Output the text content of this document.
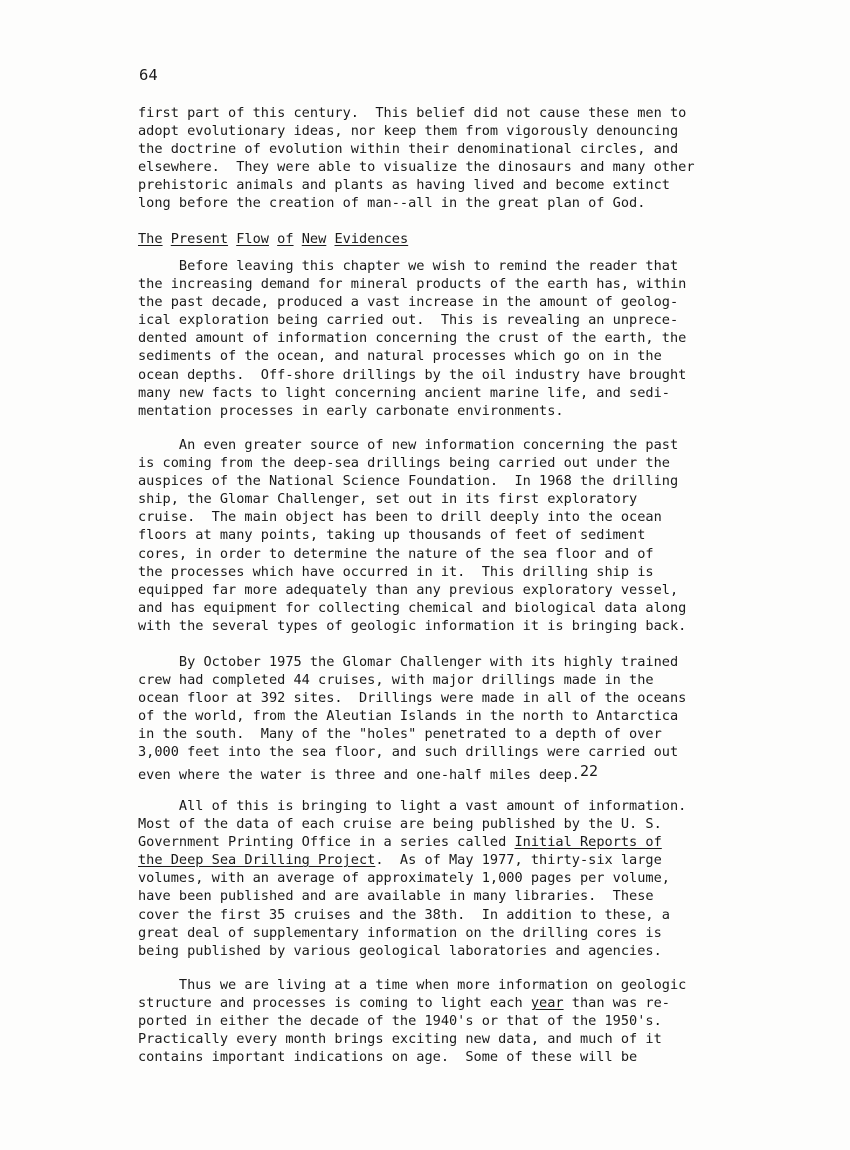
64
first part of this century.  This belief did not cause these men to
adopt evolutionary ideas, nor keep them from vigorously denouncing
the doctrine of evolution within their denominational circles, and
elsewhere.  They were able to visualize the dinosaurs and many other
prehistoric animals and plants as having lived and become extinct
long before the creation of man--all in the great plan of God.
The Present Flow of New Evidences
Before leaving this chapter we wish to remind the reader that
the increasing demand for mineral products of the earth has, within
the past decade, produced a vast increase in the amount of geolog-
ical exploration being carried out.  This is revealing an unprece-
dented amount of information concerning the crust of the earth, the
sediments of the ocean, and natural processes which go on in the
ocean depths.  Off-shore drillings by the oil industry have brought
many new facts to light concerning ancient marine life, and sedi-
mentation processes in early carbonate environments.
An even greater source of new information concerning the past
is coming from the deep-sea drillings being carried out under the
auspices of the National Science Foundation.  In 1968 the drilling
ship, the Glomar Challenger, set out in its first exploratory
cruise.  The main object has been to drill deeply into the ocean
floors at many points, taking up thousands of feet of sediment
cores, in order to determine the nature of the sea floor and of
the processes which have occurred in it.  This drilling ship is
equipped far more adequately than any previous exploratory vessel,
and has equipment for collecting chemical and biological data along
with the several types of geologic information it is bringing back.
By October 1975 the Glomar Challenger with its highly trained
crew had completed 44 cruises, with major drillings made in the
ocean floor at 392 sites.  Drillings were made in all of the oceans
of the world, from the Aleutian Islands in the north to Antarctica
in the south.  Many of the "holes" penetrated to a depth of over
3,000 feet into the sea floor, and such drillings were carried out
even where the water is three and one-half miles deep.22
All of this is bringing to light a vast amount of information.
Most of the data of each cruise are being published by the U. S.
Government Printing Office in a series called Initial Reports of
the Deep Sea Drilling Project.  As of May 1977, thirty-six large
volumes, with an average of approximately 1,000 pages per volume,
have been published and are available in many libraries.  These
cover the first 35 cruises and the 38th.  In addition to these, a
great deal of supplementary information on the drilling cores is
being published by various geological laboratories and agencies.
Thus we are living at a time when more information on geologic
structure and processes is coming to light each year than was re-
ported in either the decade of the 1940's or that of the 1950's.
Practically every month brings exciting new data, and much of it
contains important indications on age.  Some of these will be
